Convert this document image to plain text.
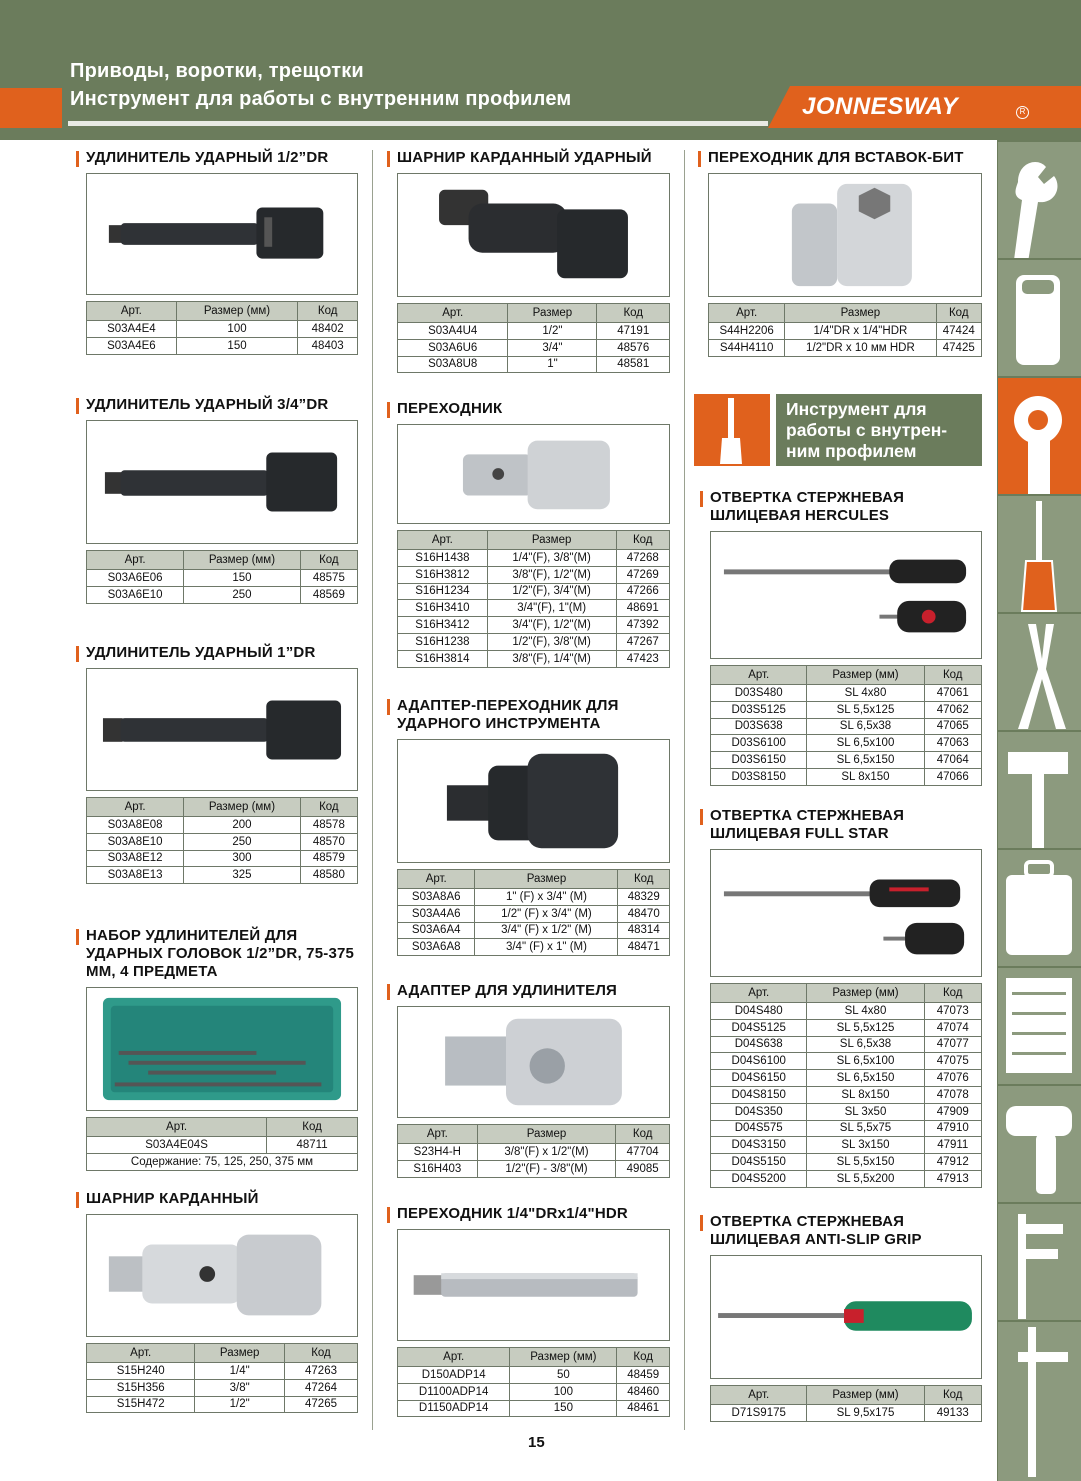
Приводы, воротки, трещотки
Инструмент для работы с внутренним профилем	JONNESWAY	R
УДЛИНИТЕЛЬ УДАРНЫЙ 1/2”DR
Арт.	Размер (мм)	Код
S03A4E4	100	48402
S03A4E6	150	48403
УДЛИНИТЕЛЬ УДАРНЫЙ 3/4”DR
Арт.	Размер (мм)	Код
S03A6E06	150	48575
S03A6E10	250	48569
УДЛИНИТЕЛЬ УДАРНЫЙ 1”DR
Арт.	Размер (мм)	Код
S03A8E08	200	48578
S03A8E10	250	48570
S03A8E12	300	48579
S03A8E13	325	48580
НАБОР УДЛИНИТЕЛЕЙ ДЛЯ УДАРНЫХ ГОЛОВОК 1/2”DR, 75-375 ММ, 4 ПРЕДМЕТА
Арт.	Код
S03A4E04S	48711
Содержание: 75, 125, 250, 375 мм	
ШАРНИР КАРДАННЫЙ
Арт.	Размер	Код
S15H240	1/4"	47263
S15H356	3/8"	47264
S15H472	1/2"	47265
ШАРНИР КАРДАННЫЙ УДАРНЫЙ
Арт.	Размер	Код
S03A4U4	1/2"	47191
S03A6U6	3/4"	48576
S03A8U8	1"	48581
ПЕРЕХОДНИК
Арт.	Размер	Код
S16H1438	1/4"(F), 3/8"(M)	47268
S16H3812	3/8"(F), 1/2"(M)	47269
S16H1234	1/2"(F), 3/4"(M)	47266
S16H3410	3/4"(F), 1"(M)	48691
S16H3412	3/4"(F), 1/2"(M)	47392
S16H1238	1/2"(F), 3/8"(M)	47267
S16H3814	3/8"(F), 1/4"(M)	47423
АДАПТЕР-ПЕРЕХОДНИК ДЛЯ УДАРНОГО ИНСТРУМЕНТА
Арт.	Размер	Код
S03A8A6	1" (F) x 3/4" (M)	48329
S03A4A6	1/2" (F) x 3/4" (M)	48470
S03A6A4	3/4" (F) x 1/2" (M)	48314
S03A6A8	3/4" (F) x 1" (M)	48471
АДАПТЕР ДЛЯ УДЛИНИТЕЛЯ
Арт.	Размер	Код
S23H4-H	3/8"(F) x 1/2"(M)	47704
S16H403	1/2"(F) - 3/8"(M)	49085
ПЕРЕХОДНИК 1/4"DRx1/4"HDR
Арт.	Размер (мм)	Код
D150ADP14	50	48459
D1100ADP14	100	48460
D1150ADP14	150	48461
ПЕРЕХОДНИК ДЛЯ ВСТАВОК-БИТ
Арт.	Размер	Код
S44H2206	1/4"DR x 1/4"HDR	47424
S44H4110	1/2"DR x 10 мм HDR	47425
Инструмент для работы с внутрен-ним профилем
ОТВЕРТКА СТЕРЖНЕВАЯ ШЛИЦЕВАЯ HERCULES
Арт.	Размер (мм)	Код
D03S480	SL 4x80	47061
D03S5125	SL 5,5x125	47062
D03S638	SL 6,5x38	47065
D03S6100	SL 6,5x100	47063
D03S6150	SL 6,5x150	47064
D03S8150	SL 8x150	47066
ОТВЕРТКА СТЕРЖНЕВАЯ ШЛИЦЕВАЯ FULL STAR
Арт.	Размер (мм)	Код
D04S480	SL 4x80	47073
D04S5125	SL 5,5x125	47074
D04S638	SL 6,5x38	47077
D04S6100	SL 6,5x100	47075
D04S6150	SL 6,5x150	47076
D04S8150	SL 8x150	47078
D04S350	SL 3x50	47909
D04S575	SL 5,5x75	47910
D04S3150	SL 3x150	47911
D04S5150	SL 5,5x150	47912
D04S5200	SL 5,5x200	47913
ОТВЕРТКА СТЕРЖНЕВАЯ ШЛИЦЕВАЯ ANTI-SLIP GRIP
Арт.	Размер (мм)	Код
D71S9175	SL 9,5x175	49133
15
